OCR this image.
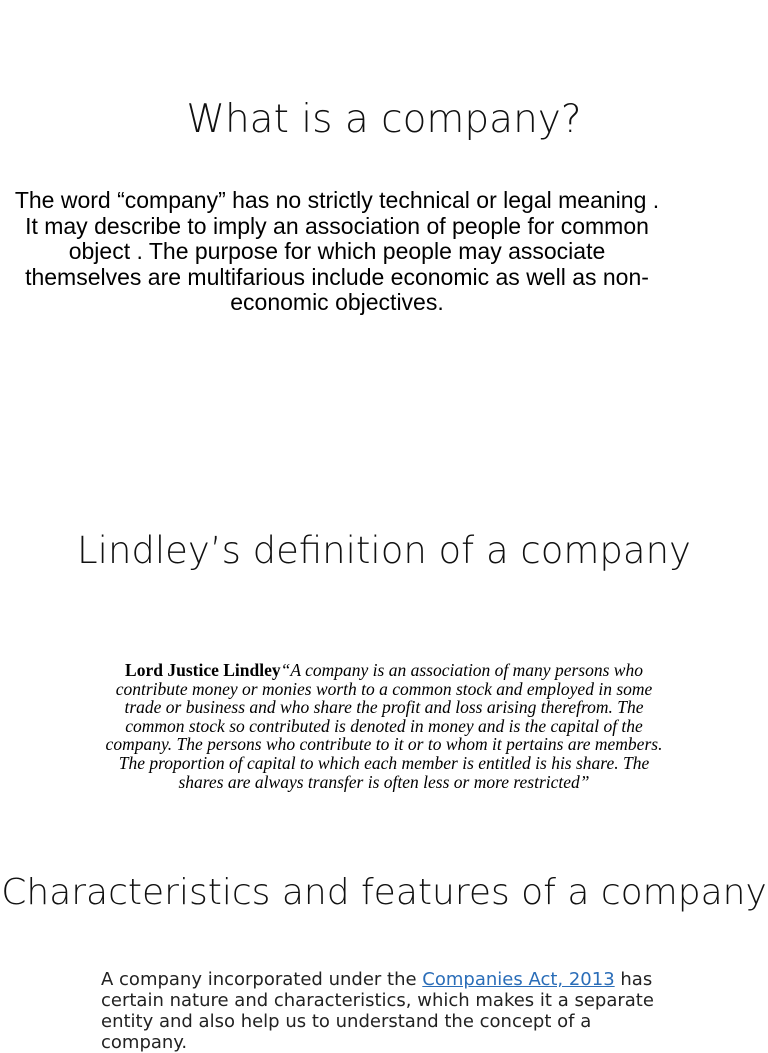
What is a company?

The word “company” has no strictly technical or legal meaning . It may describe to imply an association of people for common object . The purpose for which people may associate themselves are multifarious include economic as well as non-economic objectives.

Lindley’s definition of a company

Lord Justice Lindley“A company is an association of many persons who contribute money or monies worth to a common stock and employed in some trade or business and who share the profit and loss arising therefrom. The common stock so contributed is denoted in money and is the capital of the company. The persons who contribute to it or to whom it pertains are members. The proportion of capital to which each member is entitled is his share. The shares are always transfer is often less or more restricted”

Characteristics and features of a company

A company incorporated under the Companies Act, 2013 has certain nature and characteristics, which makes it a separate entity and also help us to understand the concept of a company.
